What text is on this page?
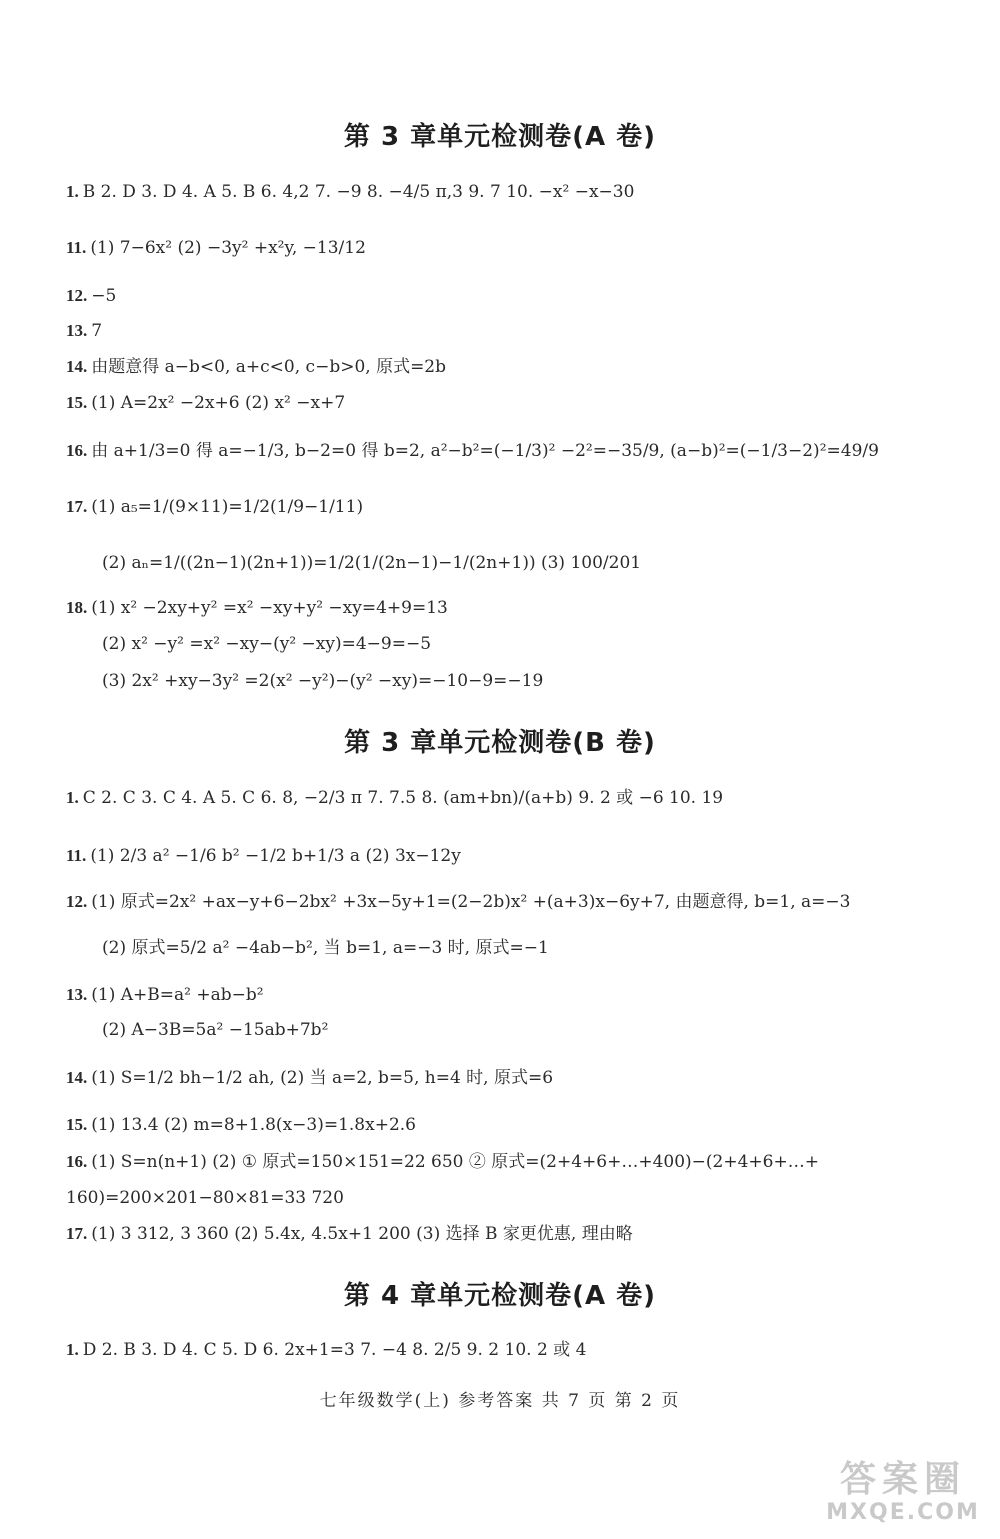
第 3 章单元检测卷(A 卷)
1. B 2. D 3. D 4. A 5. B 6. 4,2 7. −9 8. −4/5 π,3 9. 7 10. −x² −x−30
11. (1) 7−6x² (2) −3y² +x²y, −13/12
12. −5
13. 7
14. 由题意得 a−b<0, a+c<0, c−b>0, 原式=2b
15. (1) A=2x² −2x+6 (2) x² −x+7
16. 由 a+1/3=0 得 a=−1/3, b−2=0 得 b=2, a²−b²=(−1/3)² −2²=−35/9, (a−b)²=(−1/3−2)²=49/9
17. (1) a₅=1/(9×11)=1/2(1/9−1/11)
(2) aₙ=1/((2n−1)(2n+1))=1/2(1/(2n−1)−1/(2n+1)) (3) 100/201
18. (1) x² −2xy+y² =x² −xy+y² −xy=4+9=13
(2) x² −y² =x² −xy−(y² −xy)=4−9=−5
(3) 2x² +xy−3y² =2(x² −y²)−(y² −xy)=−10−9=−19
第 3 章单元检测卷(B 卷)
1. C 2. C 3. C 4. A 5. C 6. 8, −2/3 π 7. 7.5 8. (am+bn)/(a+b) 9. 2 或 −6 10. 19
11. (1) 2/3 a² −1/6 b² −1/2 b+1/3 a (2) 3x−12y
12. (1) 原式=2x² +ax−y+6−2bx² +3x−5y+1=(2−2b)x² +(a+3)x−6y+7, 由题意得, b=1, a=−3
(2) 原式=5/2 a² −4ab−b², 当 b=1, a=−3 时, 原式=−1
13. (1) A+B=a² +ab−b²
(2) A−3B=5a² −15ab+7b²
14. (1) S=1/2 bh−1/2 ah, (2) 当 a=2, b=5, h=4 时, 原式=6
15. (1) 13.4 (2) m=8+1.8(x−3)=1.8x+2.6
16. (1) S=n(n+1) (2) ① 原式=150×151=22 650 ② 原式=(2+4+6+…+400)−(2+4+6+…+
160)=200×201−80×81=33 720
17. (1) 3 312, 3 360 (2) 5.4x, 4.5x+1 200 (3) 选择 B 家更优惠, 理由略
第 4 章单元检测卷(A 卷)
1. D 2. B 3. D 4. C 5. D 6. 2x+1=3 7. −4 8. 2/5 9. 2 10. 2 或 4
七年级数学(上) 参考答案 共 7 页 第 2 页
答案圈
MXQE.COM
